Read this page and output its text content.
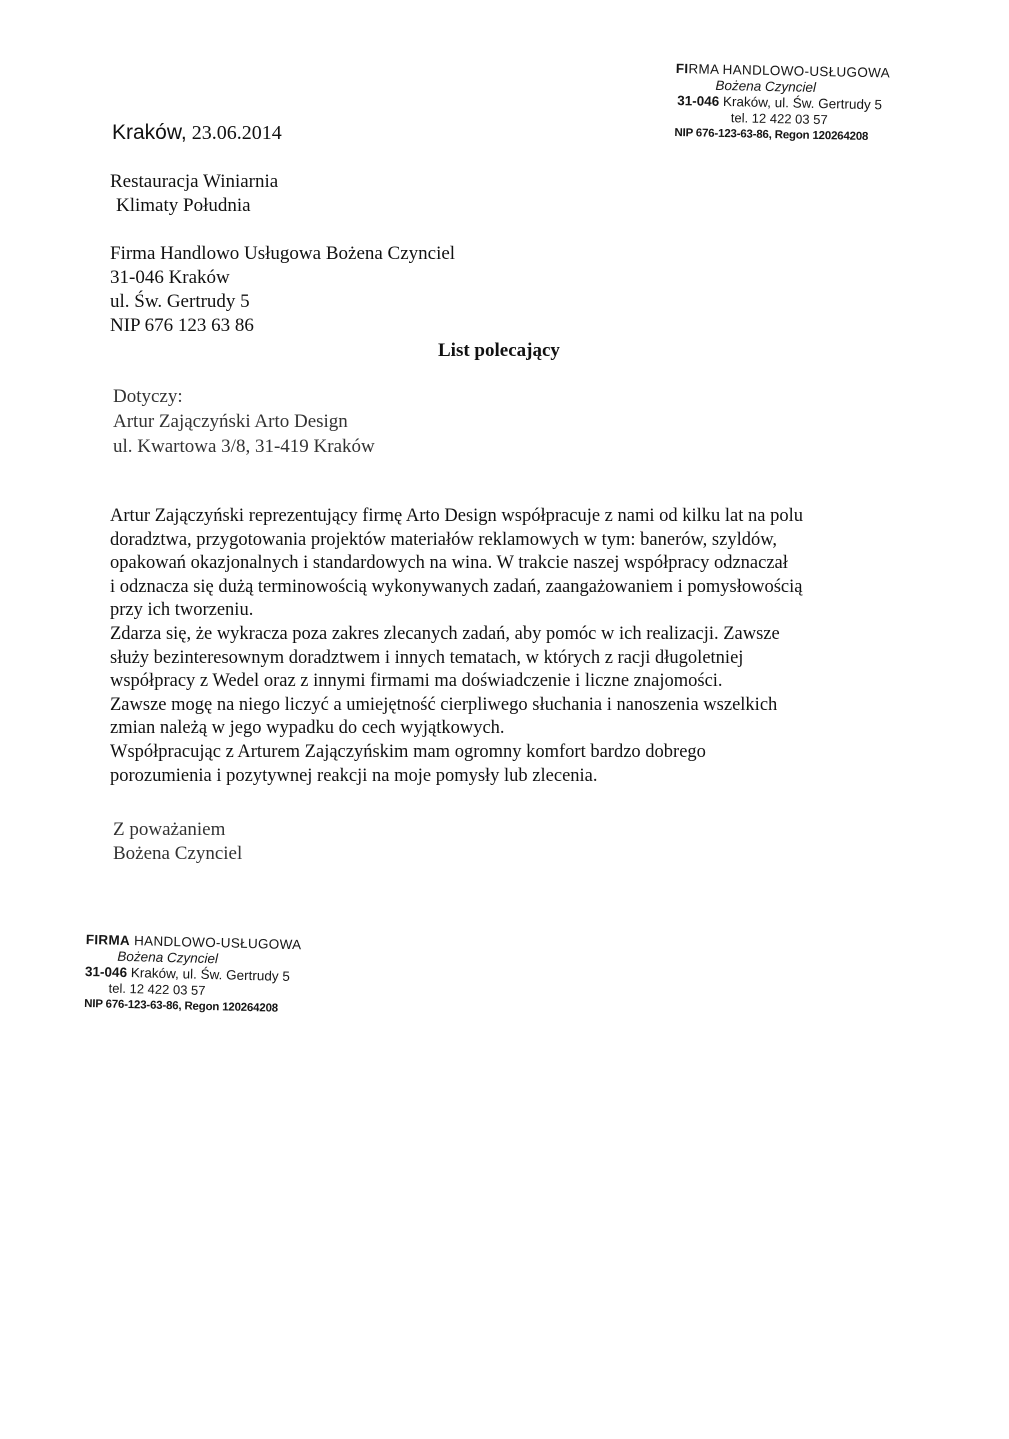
FIRMA HANDLOWO-USŁUGOWA
Bożena Czynciel
31-046 Kraków, ul. Św. Gertrudy 5
tel. 12 422 03 57
NIP 676-123-63-86, Regon 120264208
Kraków, 23.06.2014
Restauracja Winiarnia
Klimaty Południa
Firma Handlowo Usługowa Bożena Czynciel
31-046 Kraków
ul. Św. Gertrudy 5
NIP 676 123 63 86
List polecający
Dotyczy:
Artur Zajączyński Arto Design
ul. Kwartowa 3/8, 31-419 Kraków
Artur Zajączyński reprezentujący firmę Arto Design współpracuje z nami od kilku lat na polu
doradztwa, przygotowania projektów materiałów reklamowych w tym: banerów, szyldów,
opakowań okazjonalnych i standardowych na wina. W trakcie naszej współpracy odznaczał
i odznacza się dużą terminowością wykonywanych zadań, zaangażowaniem i pomysłowością
przy ich tworzeniu.
Zdarza się, że wykracza poza zakres zlecanych zadań, aby pomóc w ich realizacji. Zawsze
służy bezinteresownym doradztwem i innych tematach, w których z racji długoletniej
współpracy z Wedel oraz z innymi firmami ma doświadczenie i liczne znajomości.
Zawsze mogę na niego liczyć a umiejętność cierpliwego słuchania i nanoszenia wszelkich
zmian należą w jego wypadku do cech wyjątkowych.
Współpracując z Arturem Zajączyńskim mam ogromny komfort bardzo dobrego
porozumienia i pozytywnej reakcji na moje pomysły lub zlecenia.
Z poważaniem
Bożena Czynciel
FIRMA HANDLOWO-USŁUGOWA
Bożena Czynciel
31-046 Kraków, ul. Św. Gertrudy 5
tel. 12 422 03 57
NIP 676-123-63-86, Regon 120264208
